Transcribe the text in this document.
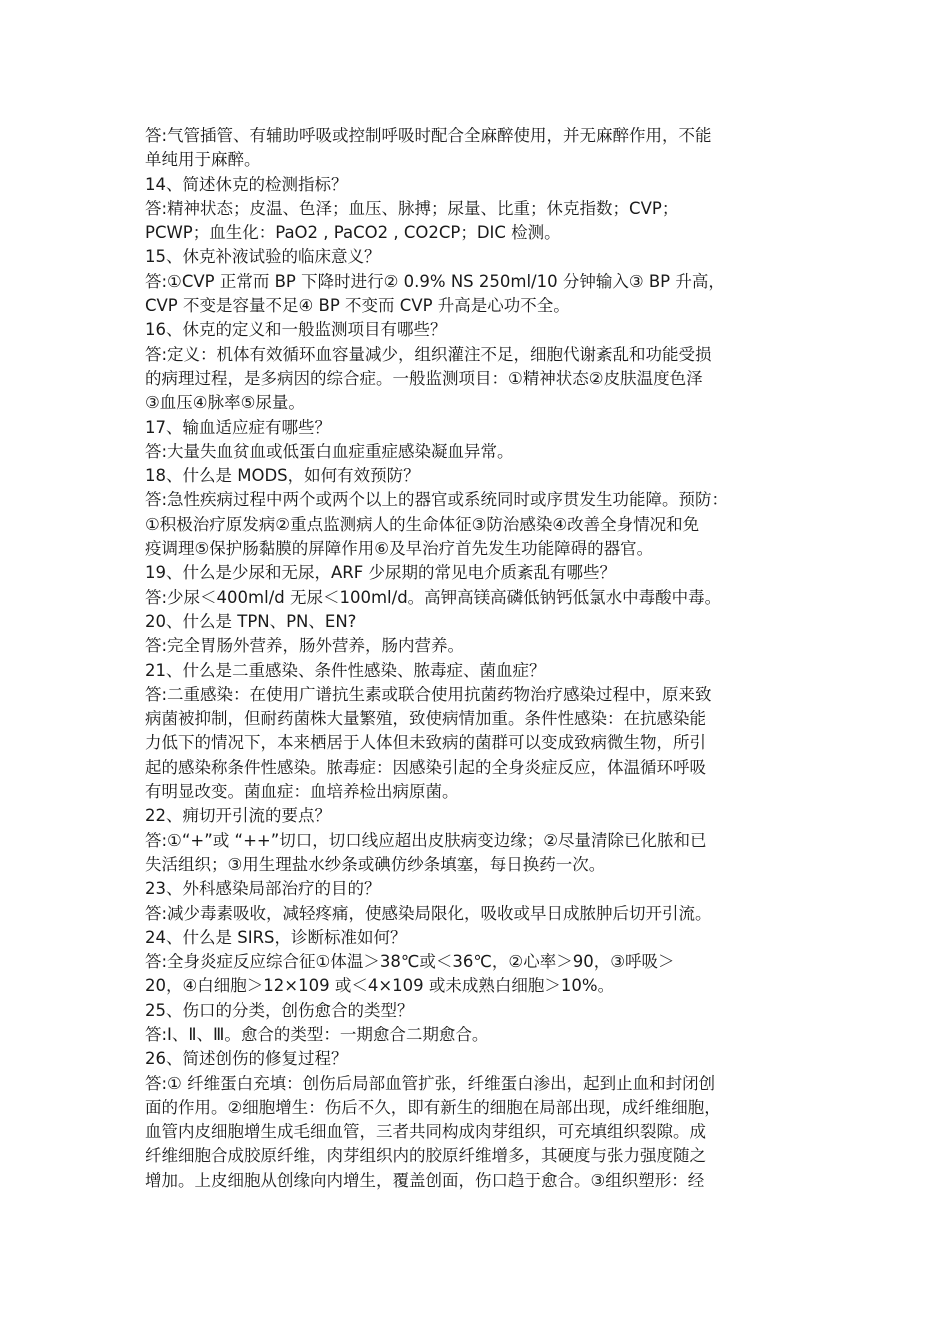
答:气管插管、有辅助呼吸或控制呼吸时配合全麻醉使用，并无麻醉作用，不能
单纯用于麻醉。
14、简述休克的检测指标？
答:精神状态；皮温、色泽；血压、脉搏；尿量、比重；休克指数；CVP；
PCWP；血生化：PaO2 , PaCO2 , CO2CP；DIC 检测。
15、休克补液试验的临床意义？
答:①CVP 正常而 BP 下降时进行② 0.9% NS 250ml/10 分钟输入③ BP 升高，
CVP 不变是容量不足④ BP 不变而 CVP 升高是心功不全。
16、休克的定义和一般监测项目有哪些？
答:定义：机体有效循环血容量减少，组织灌注不足，细胞代谢紊乱和功能受损
的病理过程，是多病因的综合症。一般监测项目：①精神状态②皮肤温度色泽
③血压④脉率⑤尿量。
17、输血适应症有哪些？
答:大量失血贫血或低蛋白血症重症感染凝血异常。
18、什么是 MODS，如何有效预防？
答:急性疾病过程中两个或两个以上的器官或系统同时或序贯发生功能障。预防：
①积极治疗原发病②重点监测病人的生命体征③防治感染④改善全身情况和免
疫调理⑤保护肠黏膜的屏障作用⑥及早治疗首先发生功能障碍的器官。
19、什么是少尿和无尿，ARF 少尿期的常见电介质紊乱有哪些？
答:少尿＜400ml/d 无尿＜100ml/d。高钾高镁高磷低钠钙低氯水中毒酸中毒。
20、什么是 TPN、PN、EN?
答:完全胃肠外营养，肠外营养，肠内营养。
21、什么是二重感染、条件性感染、脓毒症、菌血症？
答:二重感染：在使用广谱抗生素或联合使用抗菌药物治疗感染过程中，原来致
病菌被抑制，但耐药菌株大量繁殖，致使病情加重。条件性感染：在抗感染能
力低下的情况下，本来栖居于人体但未致病的菌群可以变成致病微生物，所引
起的感染称条件性感染。脓毒症：因感染引起的全身炎症反应，体温循环呼吸
有明显改变。菌血症：血培养检出病原菌。
22、痈切开引流的要点？
答:①“+”或 “++”切口，切口线应超出皮肤病变边缘；②尽量清除已化脓和已
失活组织；③用生理盐水纱条或碘仿纱条填塞，每日换药一次。
23、外科感染局部治疗的目的？
答:减少毒素吸收，减轻疼痛，使感染局限化，吸收或早日成脓肿后切开引流。
24、什么是 SIRS，诊断标准如何？
答:全身炎症反应综合征①体温＞38℃或＜36℃，②心率＞90，③呼吸＞
20，④白细胞＞12×109 或＜4×109 或未成熟白细胞＞10%。
25、伤口的分类，创伤愈合的类型？
答:Ⅰ、Ⅱ、Ⅲ。愈合的类型：一期愈合二期愈合。
26、简述创伤的修复过程？
答:① 纤维蛋白充填：创伤后局部血管扩张，纤维蛋白渗出，起到止血和封闭创
面的作用。②细胞增生：伤后不久，即有新生的细胞在局部出现，成纤维细胞，
血管内皮细胞增生成毛细血管，三者共同构成肉芽组织，可充填组织裂隙。成
纤维细胞合成胶原纤维，肉芽组织内的胶原纤维增多，其硬度与张力强度随之
增加。上皮细胞从创缘向内增生，覆盖创面，伤口趋于愈合。③组织塑形：经
